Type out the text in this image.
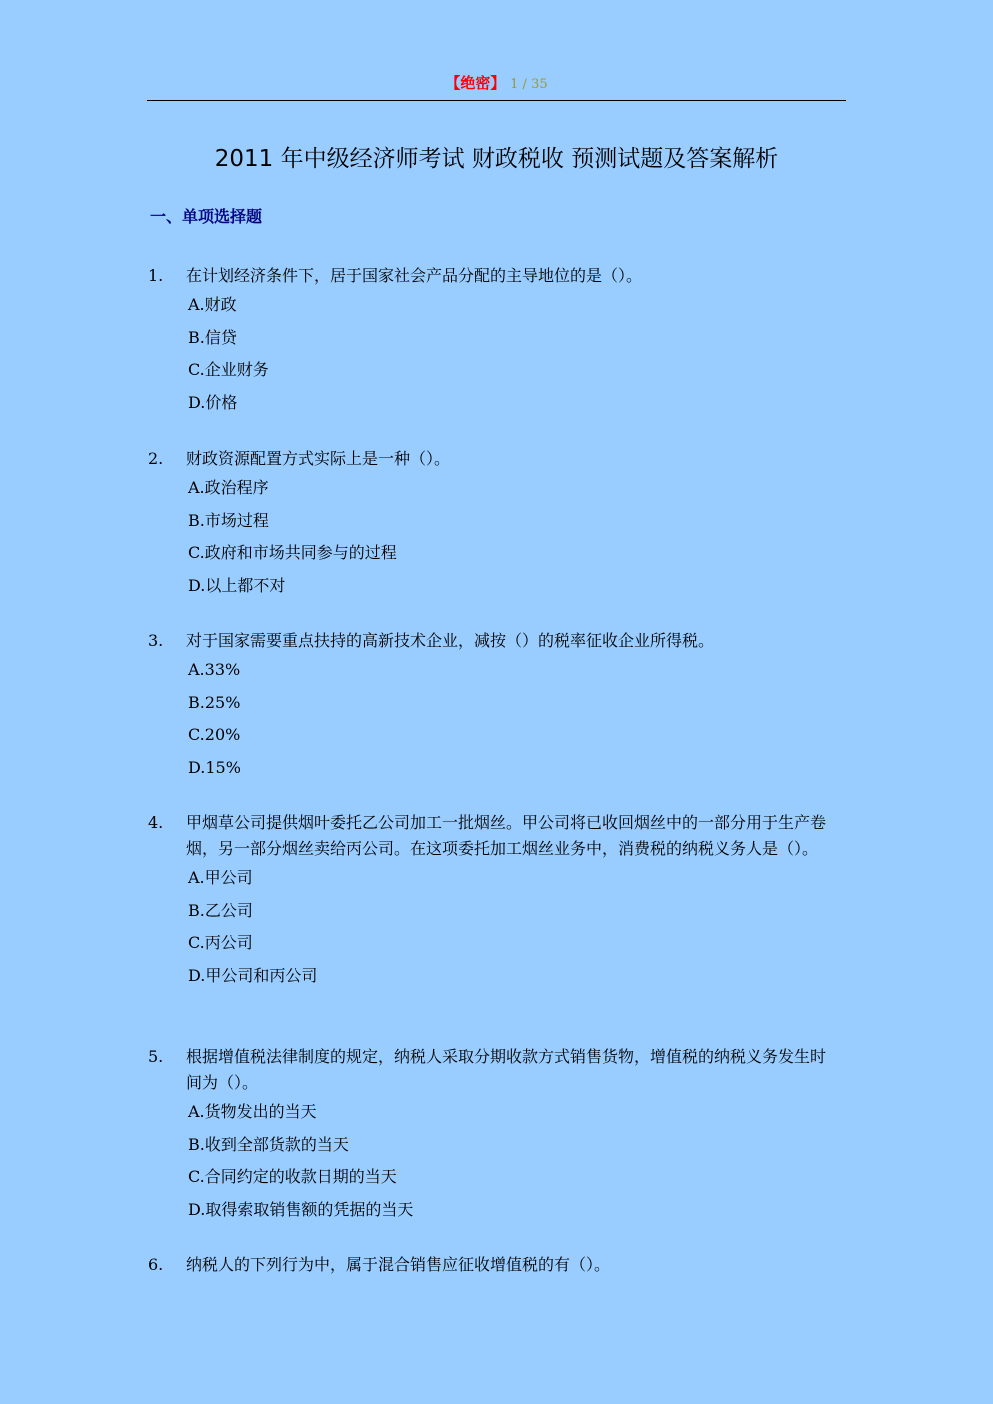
【绝密】 1 / 35
2011 年中级经济师考试 财政税收 预测试题及答案解析
一、单项选择题
1.	在计划经济条件下，居于国家社会产品分配的主导地位的是（）。
A.财政
B.信贷
C.企业财务
D.价格
2.	财政资源配置方式实际上是一种（）。
A.政治程序
B.市场过程
C.政府和市场共同参与的过程
D.以上都不对
3.	对于国家需要重点扶持的高新技术企业，减按（）的税率征收企业所得税。
A.33%
B.25%
C.20%
D.15%
4.	甲烟草公司提供烟叶委托乙公司加工一批烟丝。甲公司将已收回烟丝中的一部分用于生产卷烟，另一部分烟丝卖给丙公司。在这项委托加工烟丝业务中，消费税的纳税义务人是（）。
A.甲公司
B.乙公司
C.丙公司
D.甲公司和丙公司
5.	根据增值税法律制度的规定，纳税人采取分期收款方式销售货物，增值税的纳税义务发生时间为（）。
A.货物发出的当天
B.收到全部货款的当天
C.合同约定的收款日期的当天
D.取得索取销售额的凭据的当天
6.	纳税人的下列行为中，属于混合销售应征收增值税的有（）。
